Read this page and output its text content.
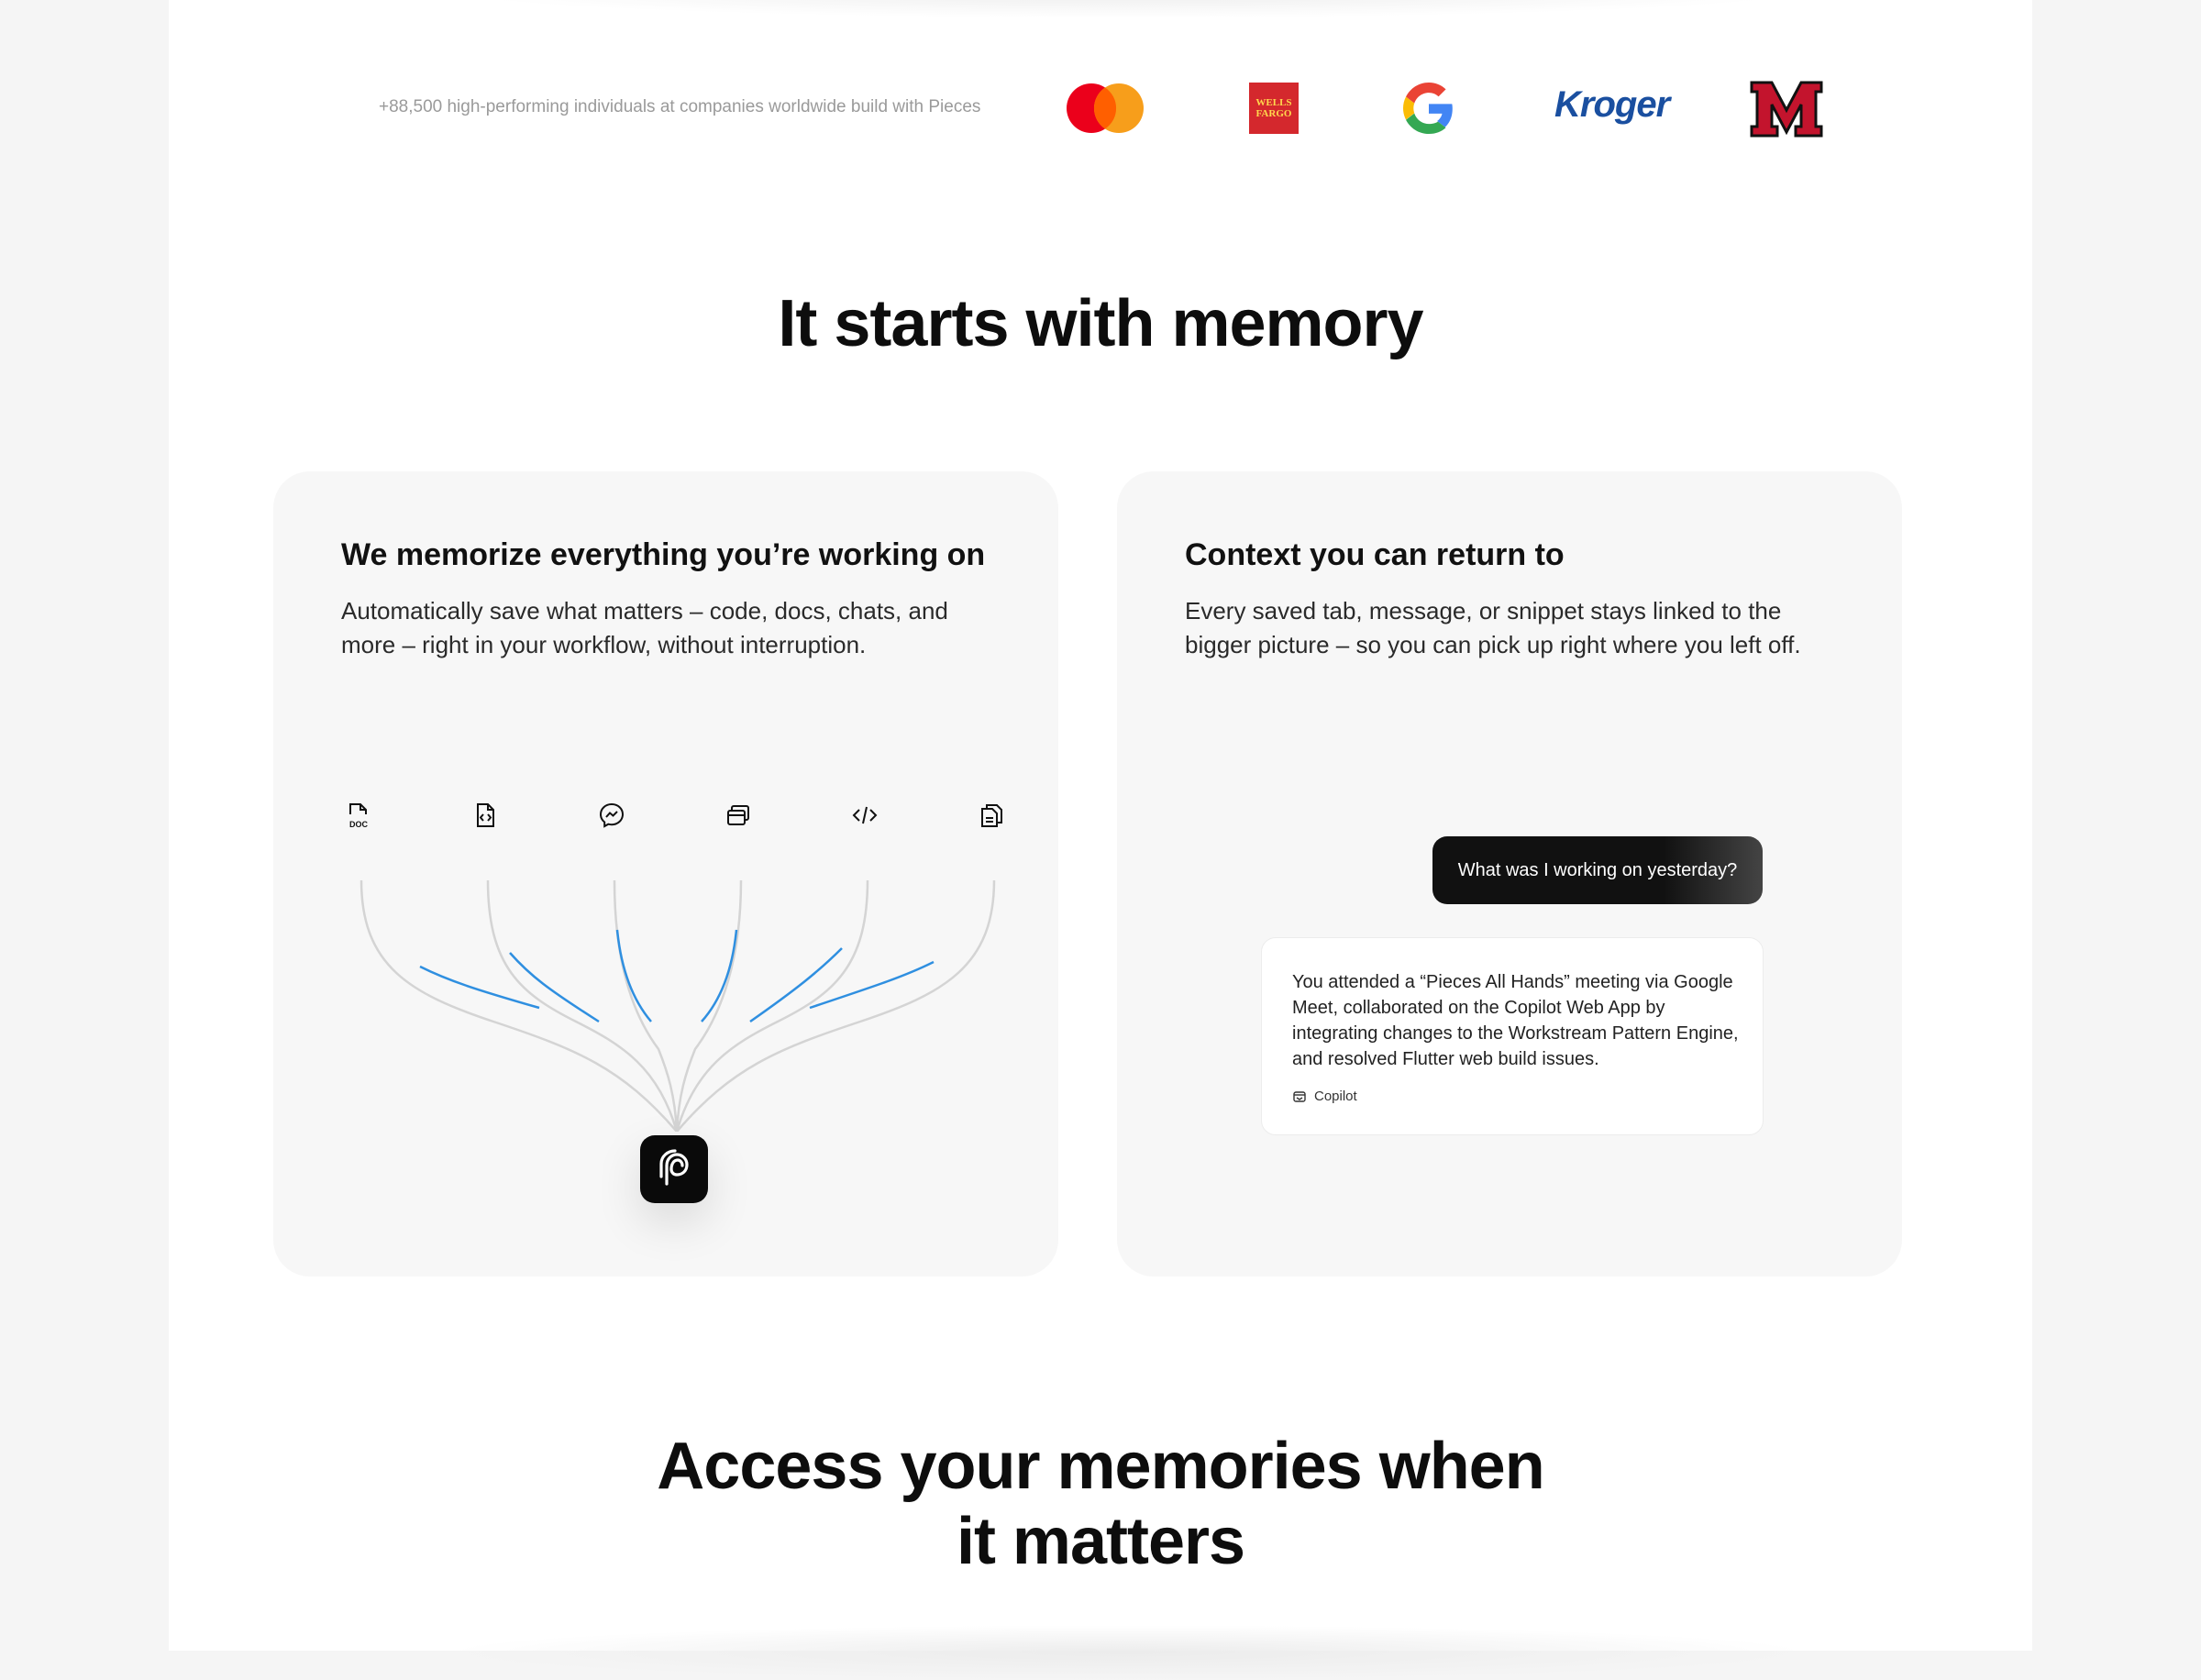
+88,500 high-performing individuals at companies worldwide build with Pieces	WELLS
FARGO	Kroger
It starts with memory
We memorize everything you’re working on
Automatically save what matters – code, docs, chats, and more – right in your workflow, without interruption.
DOC
Context you can return to
Every saved tab, message, or snippet stays linked to the bigger picture – so you can pick up right where you left off.
What was I working on yesterday?
You attended a “Pieces All Hands” meeting via Google Meet, collaborated on the Copilot Web App by integrating changes to the Workstream Pattern Engine, and resolved Flutter web build issues.
Copilot
Access your memories when
it matters
